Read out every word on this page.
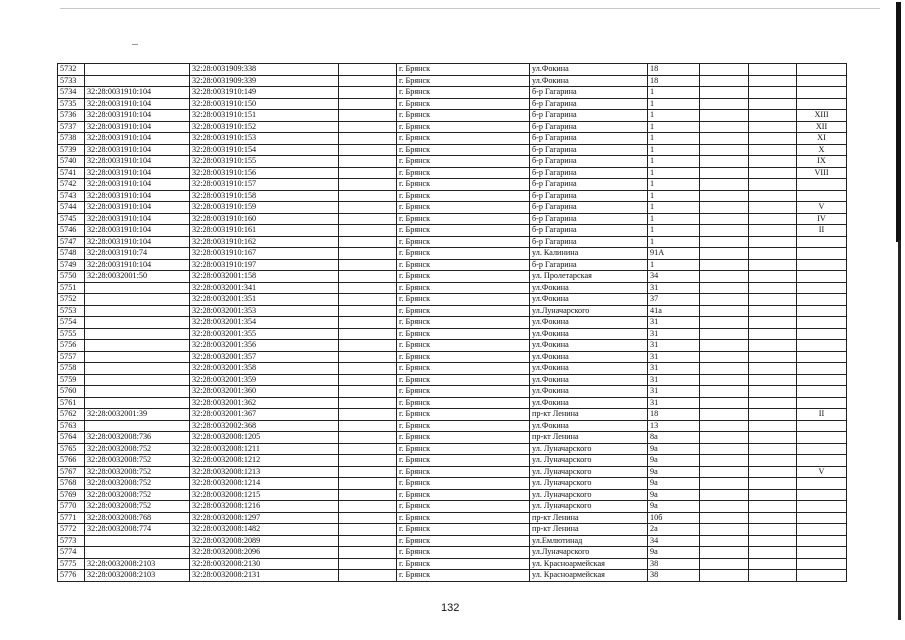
5732		32:28:0031909:338		г. Брянск	ул.Фокина	18			
5733		32:28:0031909:339		г. Брянск	ул.Фокина	18			
5734	32:28:0031910:104	32:28:0031910:149		г. Брянск	б-р Гагарина	1			
5735	32:28:0031910:104	32:28:0031910:150		г. Брянск	б-р Гагарина	1			
5736	32:28:0031910:104	32:28:0031910:151		г. Брянск	б-р Гагарина	1			XIII
5737	32:28:0031910:104	32:28:0031910:152		г. Брянск	б-р Гагарина	1			XII
5738	32:28:0031910:104	32:28:0031910:153		г. Брянск	б-р Гагарина	1			XI
5739	32:28:0031910:104	32:28:0031910:154		г. Брянск	б-р Гагарина	1			X
5740	32:28:0031910:104	32:28:0031910:155		г. Брянск	б-р Гагарина	1			IX
5741	32:28:0031910:104	32:28:0031910:156		г. Брянск	б-р Гагарина	1			VIII
5742	32:28:0031910:104	32:28:0031910:157		г. Брянск	б-р Гагарина	1			
5743	32:28:0031910:104	32:28:0031910:158		г. Брянск	б-р Гагарина	1			
5744	32:28:0031910:104	32:28:0031910:159		г. Брянск	б-р Гагарина	1			V
5745	32:28:0031910:104	32:28:0031910:160		г. Брянск	б-р Гагарина	1			IV
5746	32:28:0031910:104	32:28:0031910:161		г. Брянск	б-р Гагарина	1			II
5747	32:28:0031910:104	32:28:0031910:162		г. Брянск	б-р Гагарина	1			
5748	32:28:0031910:74	32:28:0031910:167		г. Брянск	ул. Калинина	91А			
5749	32:28:0031910:104	32:28:0031910:197		г. Брянск	б-р Гагарина	1			
5750	32:28:0032001:50	32:28:0032001:158		г. Брянск	ул. Пролетарская	34			
5751		32:28:0032001:341		г. Брянск	ул.Фокина	31			
5752		32:28:0032001:351		г. Брянск	ул.Фокина	37			
5753		32:28:0032001:353		г. Брянск	ул.Луначарского	41а			
5754		32:28:0032001:354		г. Брянск	ул.Фокина	31			
5755		32:28:0032001:355		г. Брянск	ул.Фокина	31			
5756		32:28:0032001:356		г. Брянск	ул.Фокина	31			
5757		32:28:0032001:357		г. Брянск	ул.Фокина	31			
5758		32:28:0032001:358		г. Брянск	ул.Фокина	31			
5759		32:28:0032001:359		г. Брянск	ул.Фокина	31			
5760		32:28:0032001:360		г. Брянск	ул.Фокина	31			
5761		32:28:0032001:362		г. Брянск	ул.Фокина	31			
5762	32:28:0032001:39	32:28:0032001:367		г. Брянск	пр-кт Ленина	18			II
5763		32:28:0032002:368		г. Брянск	ул.Фокина	13			
5764	32:28:0032008:736	32:28:0032008:1205		г. Брянск	пр-кт Ленина	8а			
5765	32:28:0032008:752	32:28:0032008:1211		г. Брянск	ул. Луначарского	9а			
5766	32:28:0032008:752	32:28:0032008:1212		г. Брянск	ул. Луначарского	9а			
5767	32:28:0032008:752	32:28:0032008:1213		г. Брянск	ул. Луначарского	9а			V
5768	32:28:0032008:752	32:28:0032008:1214		г. Брянск	ул. Луначарского	9а			
5769	32:28:0032008:752	32:28:0032008:1215		г. Брянск	ул. Луначарского	9а			
5770	32:28:0032008:752	32:28:0032008:1216		г. Брянск	ул. Луначарского	9а			
5771	32:28:0032008:768	32:28:0032008:1297		г. Брянск	пр-кт Ленина	10б			
5772	32:28:0032008:774	32:28:0032008:1482		г. Брянск	пр-кт Ленина	2а			
5773		32:28:0032008:2089		г. Брянск	ул.Емлютинад	34			
5774		32:28:0032008:2096		г. Брянск	ул.Луначарского	9а			
5775	32:28:0032008:2103	32:28:0032008:2130		г. Брянск	ул. Красноармейская	38			
5776	32:28:0032008:2103	32:28:0032008:2131		г. Брянск	ул. Красноармейская	38			
132
